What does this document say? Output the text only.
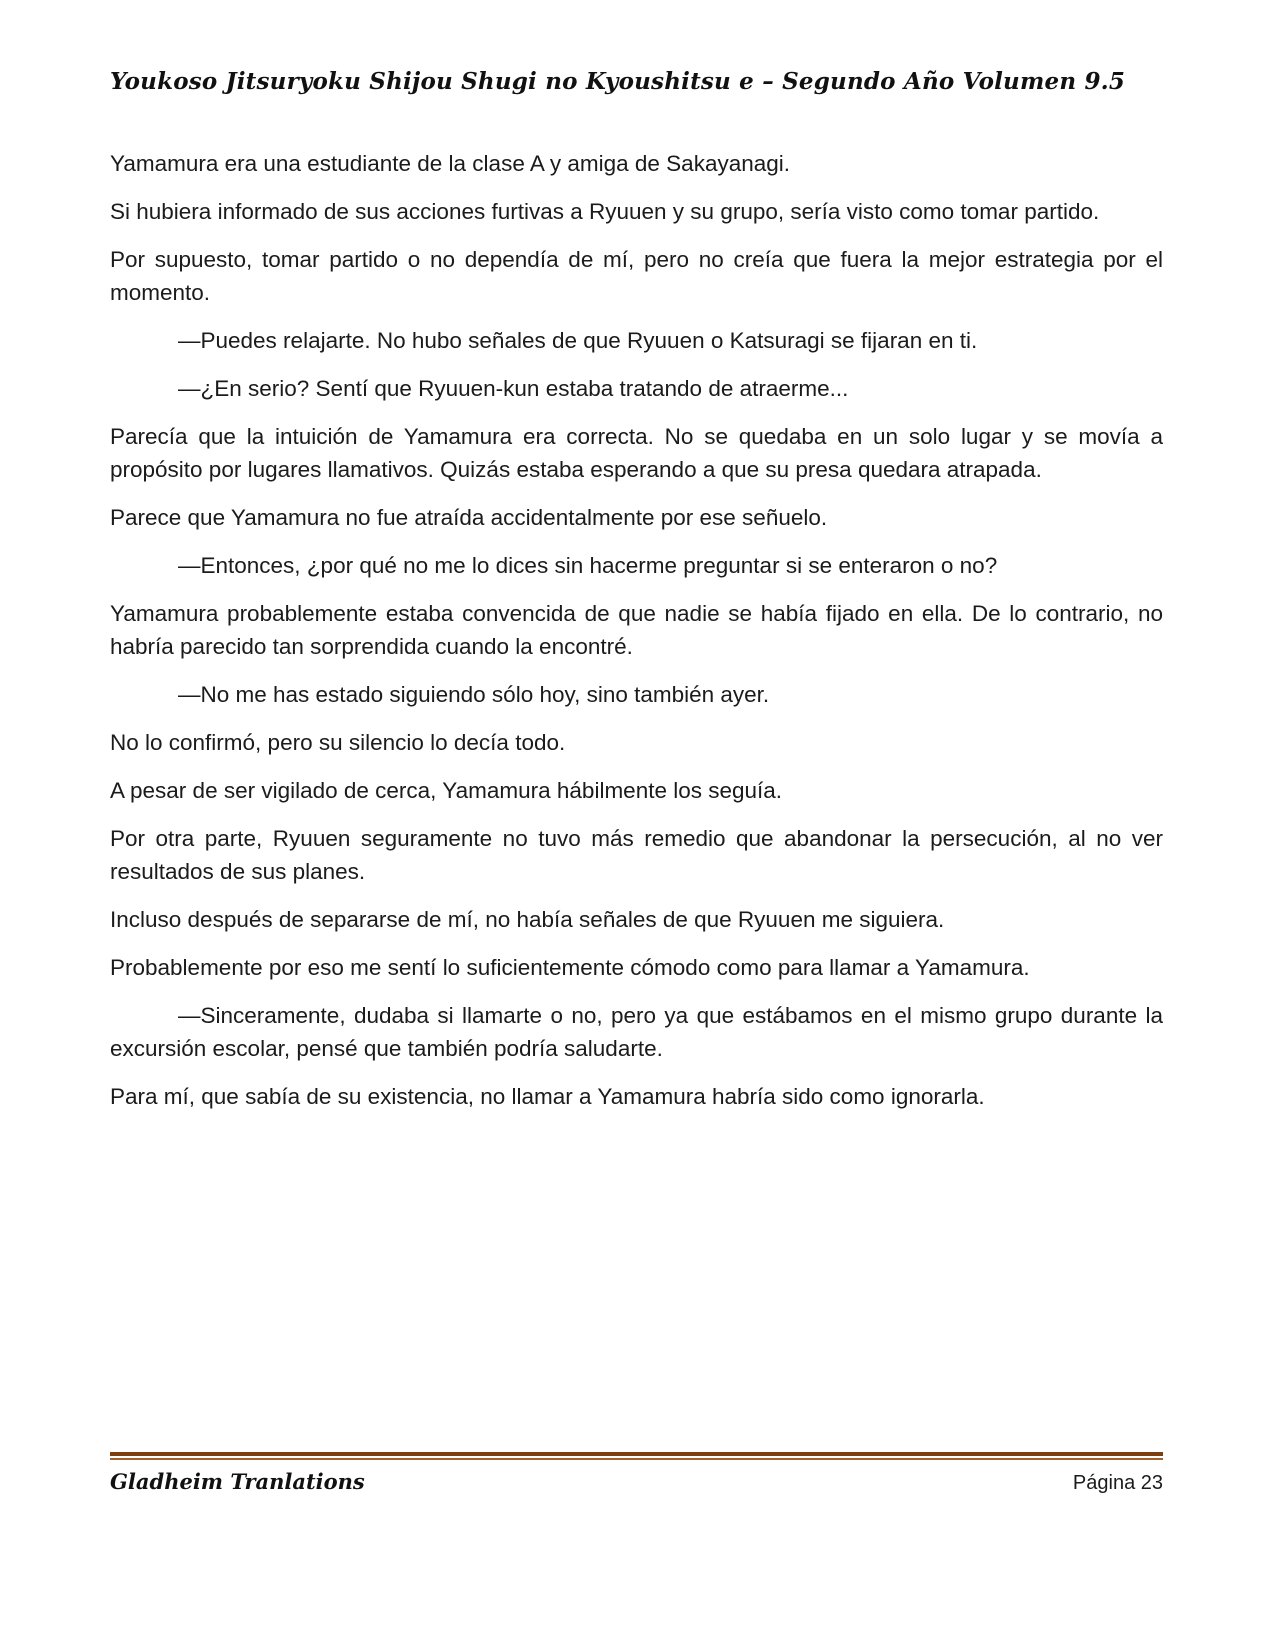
Youkoso Jitsuryoku Shijou Shugi no Kyoushitsu e – Segundo Año Volumen 9.5

Yamamura era una estudiante de la clase A y amiga de Sakayanagi.

Si hubiera informado de sus acciones furtivas a Ryuuen y su grupo, sería visto como tomar partido.

Por supuesto, tomar partido o no dependía de mí, pero no creía que fuera la mejor estrategia por el momento.

—Puedes relajarte. No hubo señales de que Ryuuen o Katsuragi se fijaran en ti.

—¿En serio? Sentí que Ryuuen-kun estaba tratando de atraerme...

Parecía que la intuición de Yamamura era correcta. No se quedaba en un solo lugar y se movía a propósito por lugares llamativos. Quizás estaba esperando a que su presa quedara atrapada.

Parece que Yamamura no fue atraída accidentalmente por ese señuelo.

—Entonces, ¿por qué no me lo dices sin hacerme preguntar si se enteraron o no?

Yamamura probablemente estaba convencida de que nadie se había fijado en ella. De lo contrario, no habría parecido tan sorprendida cuando la encontré.

—No me has estado siguiendo sólo hoy, sino también ayer.

No lo confirmó, pero su silencio lo decía todo.

A pesar de ser vigilado de cerca, Yamamura hábilmente los seguía.

Por otra parte, Ryuuen seguramente no tuvo más remedio que abandonar la persecución, al no ver resultados de sus planes.

Incluso después de separarse de mí, no había señales de que Ryuuen me siguiera.

Probablemente por eso me sentí lo suficientemente cómodo como para llamar a Yamamura.

—Sinceramente, dudaba si llamarte o no, pero ya que estábamos en el mismo grupo durante la excursión escolar, pensé que también podría saludarte.

Para mí, que sabía de su existencia, no llamar a Yamamura habría sido como ignorarla.

Gladheim Tranlations	Página 23
